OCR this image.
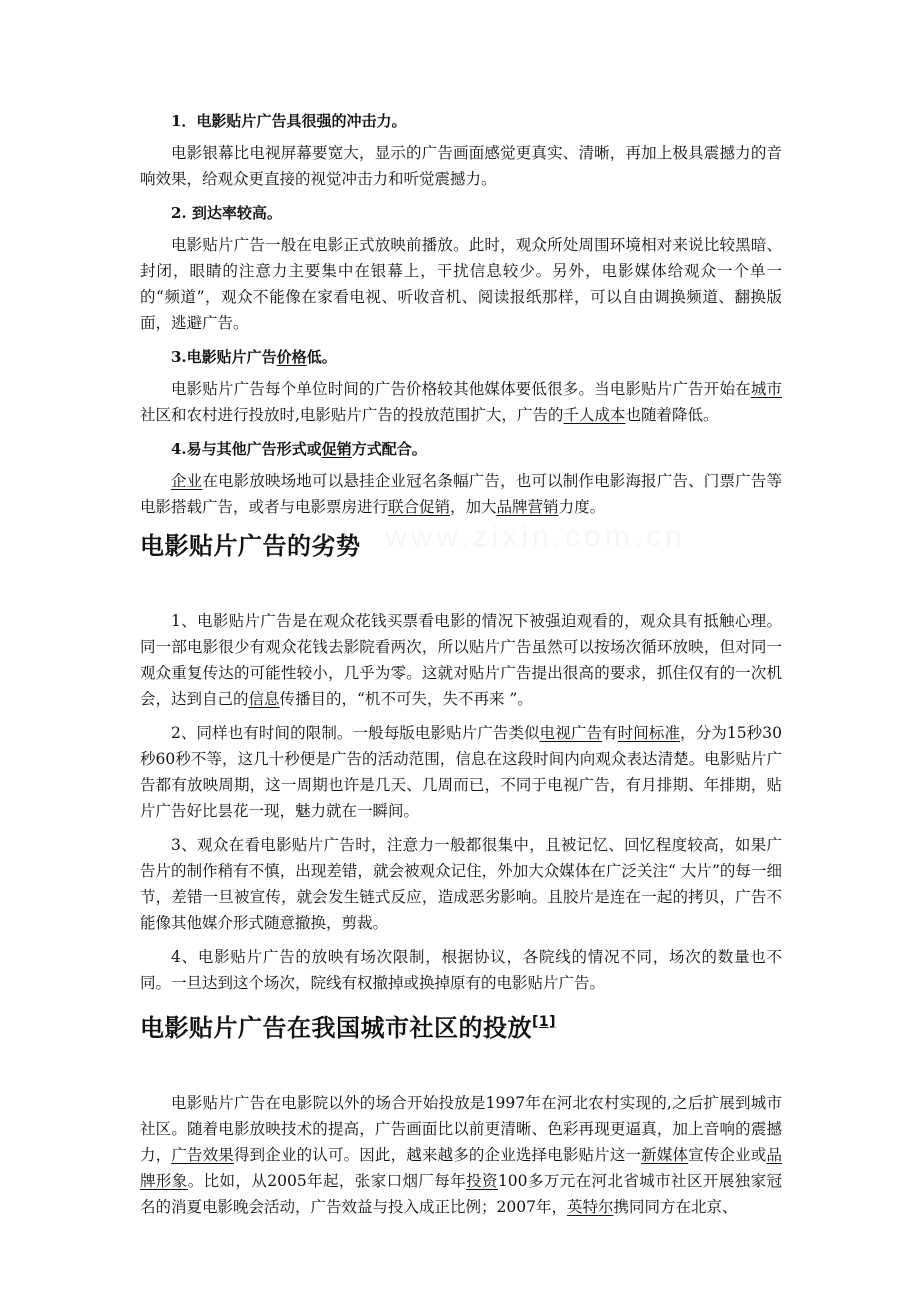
1．电影贴片广告具很强的冲击力。

电影银幕比电视屏幕要宽大，显示的广告画面感觉更真实、清晰，再加上极具震撼力的音响效果，给观众更直接的视觉冲击力和听觉震撼力。

2. 到达率较高。

电影贴片广告一般在电影正式放映前播放。此时，观众所处周围环境相对来说比较黑暗、封闭，眼睛的注意力主要集中在银幕上，干扰信息较少。另外，电影媒体给观众一个单一的“频道”，观众不能像在家看电视、听收音机、阅读报纸那样，可以自由调换频道、翻换版面，逃避广告。

3.电影贴片广告价格低。

电影贴片广告每个单位时间的广告价格较其他媒体要低很多。当电影贴片广告开始在城市社区和农村进行投放时,电影贴片广告的投放范围扩大，广告的千人成本也随着降低。

4.易与其他广告形式或促销方式配合。

企业在电影放映场地可以悬挂企业冠名条幅广告，也可以制作电影海报广告、门票广告等电影搭载广告，或者与电影票房进行联合促销，加大品牌营销力度。

电影贴片广告的劣势

1、电影贴片广告是在观众花钱买票看电影的情况下被强迫观看的，观众具有抵触心理。同一部电影很少有观众花钱去影院看两次，所以贴片广告虽然可以按场次循环放映，但对同一观众重复传达的可能性较小，几乎为零。这就对贴片广告提出很高的要求，抓住仅有的一次机会，达到自己的信息传播目的，“机不可失，失不再来 ”。

2、同样也有时间的限制。一般每版电影贴片广告类似电视广告有时间标准，分为15秒30秒60秒不等，这几十秒便是广告的活动范围，信息在这段时间内向观众表达清楚。电影贴片广告都有放映周期，这一周期也许是几天、几周而已，不同于电视广告，有月排期、年排期，贴片广告好比昙花一现，魅力就在一瞬间。

3、观众在看电影贴片广告时，注意力一般都很集中，且被记忆、回忆程度较高，如果广告片的制作稍有不慎，出现差错，就会被观众记住，外加大众媒体在广泛关注“ 大片”的每一细节，差错一旦被宣传，就会发生链式反应，造成恶劣影响。且胶片是连在一起的拷贝，广告不能像其他媒介形式随意撤换，剪裁。

4、电影贴片广告的放映有场次限制，根据协议，各院线的情况不同，场次的数量也不同。一旦达到这个场次，院线有权撤掉或换掉原有的电影贴片广告。

电影贴片广告在我国城市社区的投放[1]

电影贴片广告在电影院以外的场合开始投放是1997年在河北农村实现的,之后扩展到城市社区。随着电影放映技术的提高，广告画面比以前更清晰、色彩再现更逼真，加上音响的震撼力，广告效果得到企业的认可。因此，越来越多的企业选择电影贴片这一新媒体宣传企业或品牌形象。比如，从2005年起，张家口烟厂每年投资100多万元在河北省城市社区开展独家冠名的消夏电影晚会活动，广告效益与投入成正比例；2007年，英特尔携同同方在北京、
